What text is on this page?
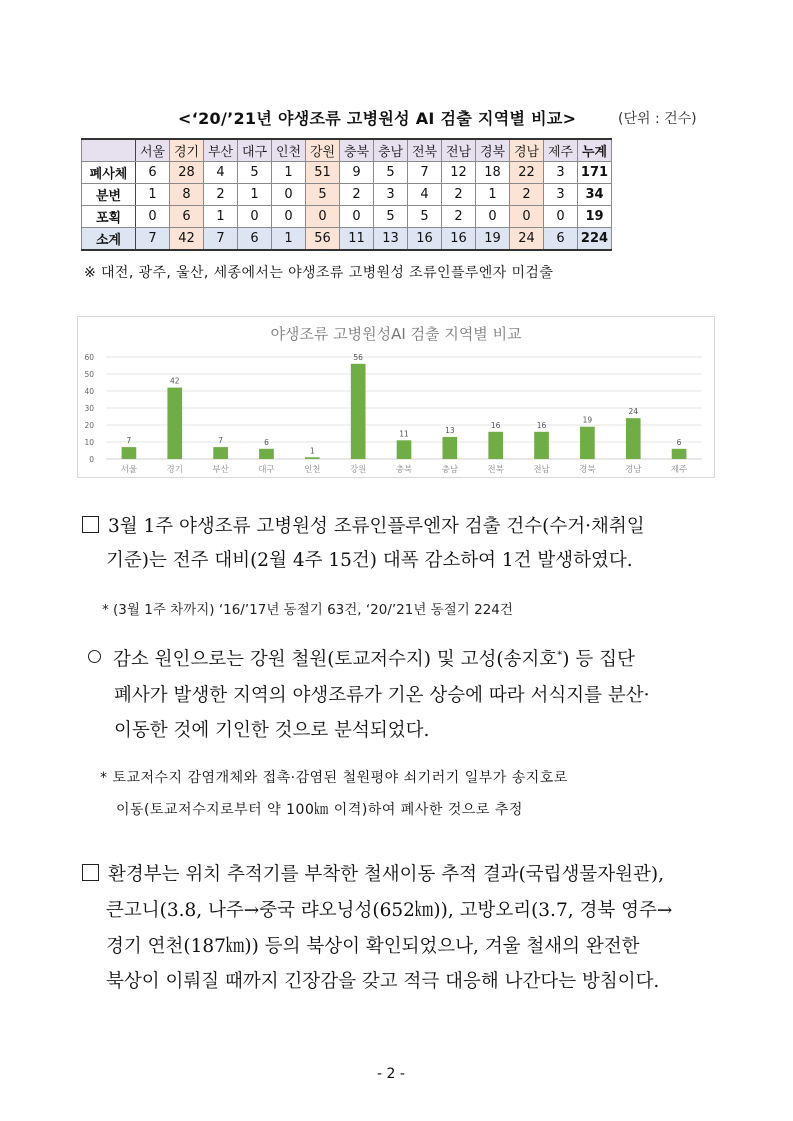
<‘20/’21년 야생조류 고병원성 AI 검출 지역별 비교>	(단위 : 건수)
	서울	경기	부산	대구	인천	강원	충북	충남	전북	전남	경북	경남	제주	누계
폐사체	6	28	4	5	1	51	9	5	7	12	18	22	3	171
분변	1	8	2	1	0	5	2	3	4	2	1	2	3	34
포획	0	6	1	0	0	0	0	5	5	2	0	0	0	19
소계	7	42	7	6	1	56	11	13	16	16	19	24	6	224
※ 대전, 광주, 울산, 세종에서는 야생조류 고병원성 조류인플루엔자 미검출
야생조류 고병원성AI 검출 지역별 비교
0
10
20
30
40
50
60
7
서울
42
경기
7
부산
6
대구
1
인천
56
강원
11
충북
13
충남
16
전북
16
전남
19
경북
24
경남
6
제주
3월 1주 야생조류 고병원성 조류인플루엔자 검출 건수(수거·채취일
기준)는 전주 대비(2월 4주 15건) 대폭 감소하여 1건 발생하였다.
* (3월 1주 차까지) ‘16/’17년 동절기 63건, ‘20/’21년 동절기 224건
감소 원인으로는 강원 철원(토교저수지) 및 고성(송지호*) 등 집단
폐사가 발생한 지역의 야생조류가 기온 상승에 따라 서식지를 분산·
이동한 것에 기인한 것으로 분석되었다.
* 토교저수지 감염개체와 접촉·감염된 철원평야 쇠기러기 일부가 송지호로
이동(토교저수지로부터 약 100㎞ 이격)하여 폐사한 것으로 추정
환경부는 위치 추적기를 부착한 철새이동 추적 결과(국립생물자원관),
큰고니(3.8, 나주→중국 랴오닝성(652㎞)), 고방오리(3.7, 경북 영주→
경기 연천(187㎞)) 등의 북상이 확인되었으나, 겨울 철새의 완전한
북상이 이뤄질 때까지 긴장감을 갖고 적극 대응해 나간다는 방침이다.
- 2 -
